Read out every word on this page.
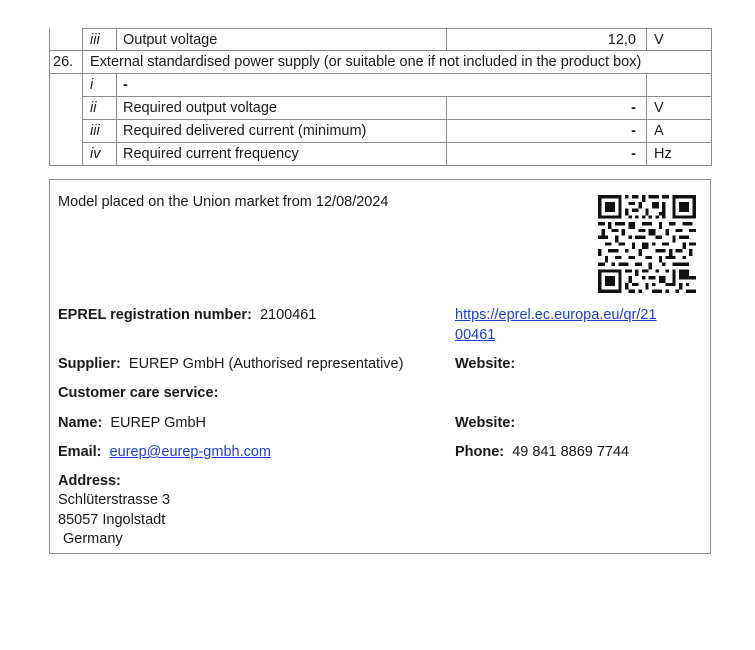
iii Output voltage	12,0 V
26. External standardised power supply (or suitable one if not included in the product box)
i -
ii Required output voltage	- V
iii Required delivered current (minimum)	- A
iv Required current frequency	- Hz
Model placed on the Union market from 12/08/2024
EPREL registration number: 2100461	https://eprel.ec.europa.eu/qr/21
00461
Supplier: EUREP GmbH (Authorised representative)	Website:
Customer care service:
Name: EUREP GmbH	Website:
Email: eurep@eurep-gmbh.com	Phone: 49 841 8869 7744
Address:
Schlüterstrasse 3
85057 Ingolstadt
Germany
